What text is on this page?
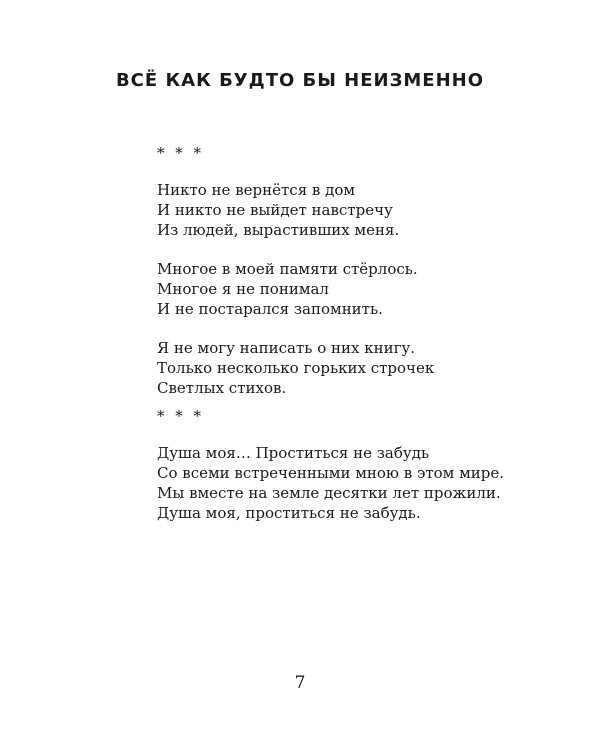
ВСЁ КАК БУДТО БЫ НЕИЗМЕННО
* * *
Никто не вернётся в дом
И никто не выйдет навстречу
Из людей, вырастивших меня.
Многое в моей памяти стёрлось.
Многое я не понимал
И не постарался запомнить.
Я не могу написать о них книгу.
Только несколько горьких строчек
Светлых стихов.
* * *
Душа моя… Проститься не забудь
Со всеми встреченными мною в этом мире.
Мы вместе на земле десятки лет прожили.
Душа моя, проститься не забудь.
7
